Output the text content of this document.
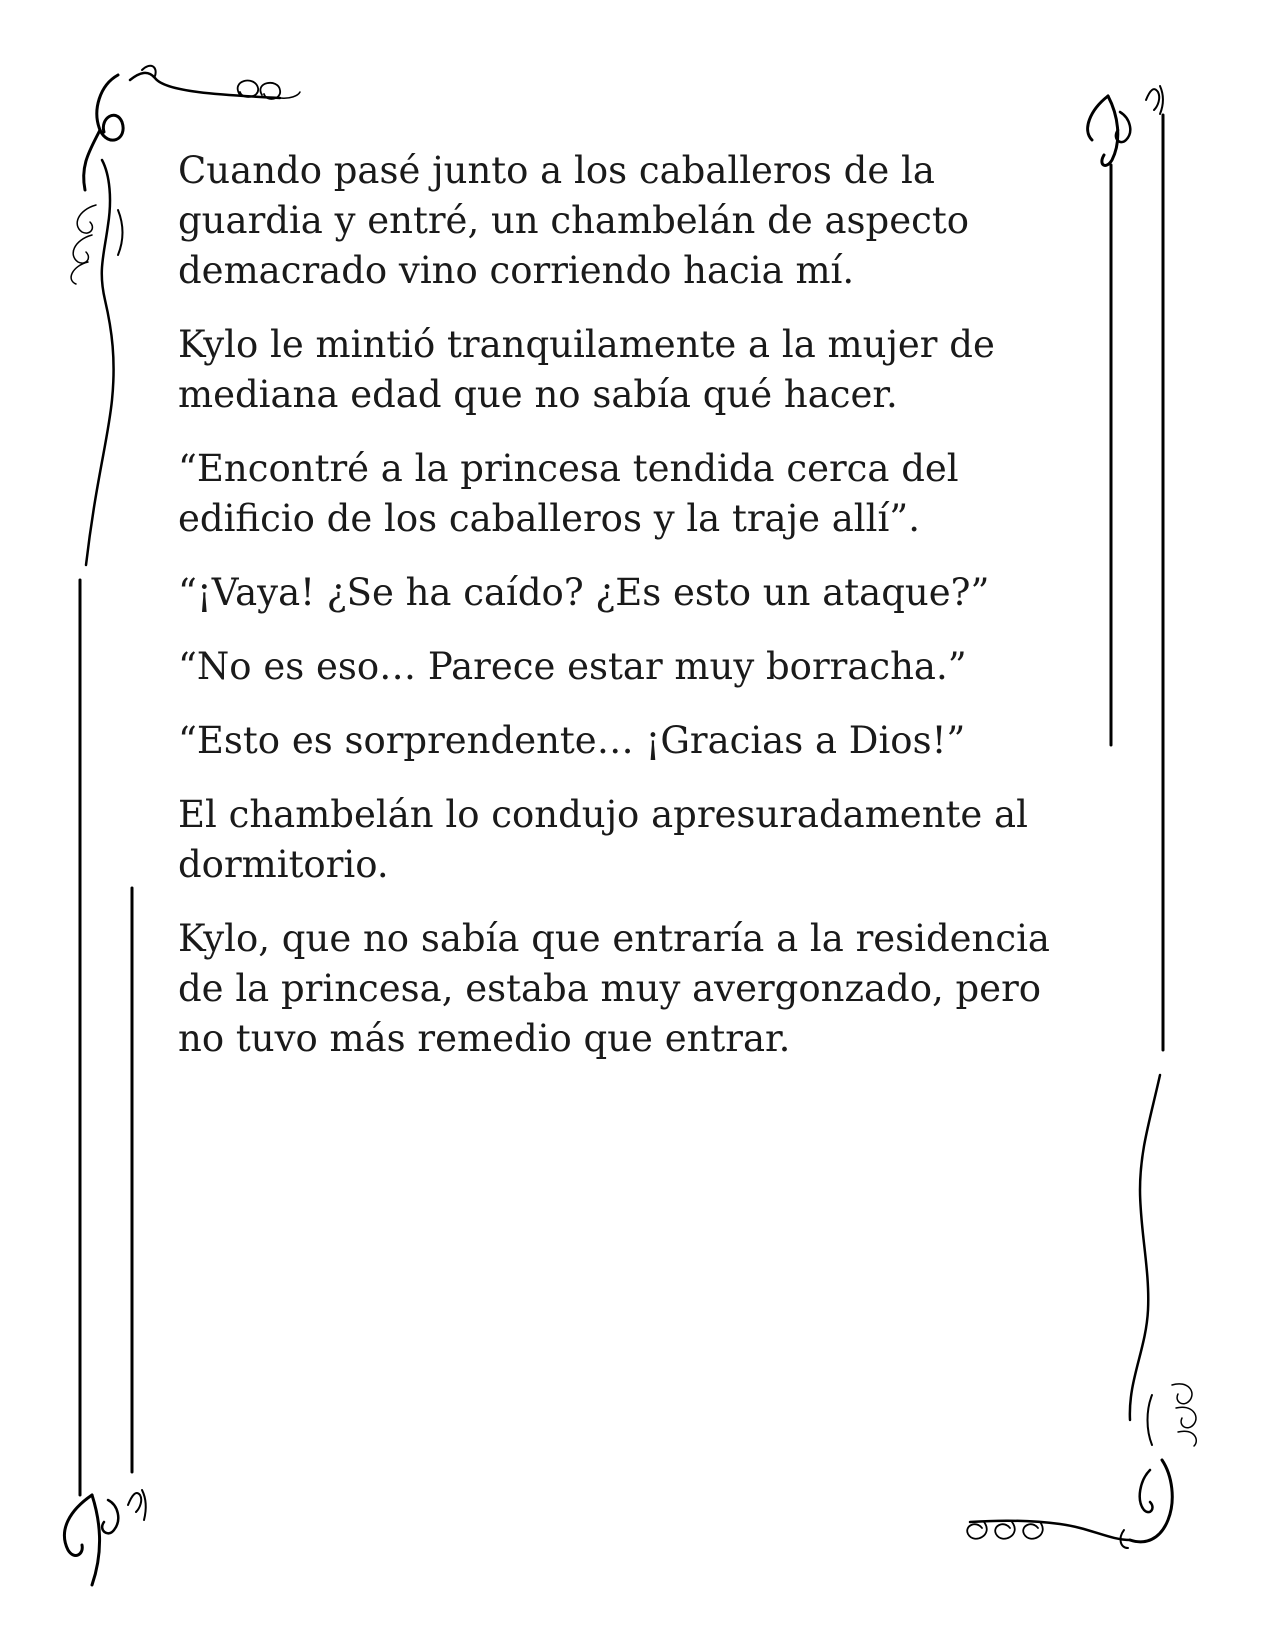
Cuando pasé junto a los caballeros de la guardia y entré, un chambelán de aspecto demacrado vino corriendo hacia mí.

Kylo le mintió tranquilamente a la mujer de mediana edad que no sabía qué hacer.

“Encontré a la princesa tendida cerca del edificio de los caballeros y la traje allí”.

“¡Vaya! ¿Se ha caído? ¿Es esto un ataque?”

“No es eso… Parece estar muy borracha.”

“Esto es sorprendente… ¡Gracias a Dios!”

El chambelán lo condujo apresuradamente al dormitorio.

Kylo, que no sabía que entraría a la residencia de la princesa, estaba muy avergonzado, pero no tuvo más remedio que entrar.
